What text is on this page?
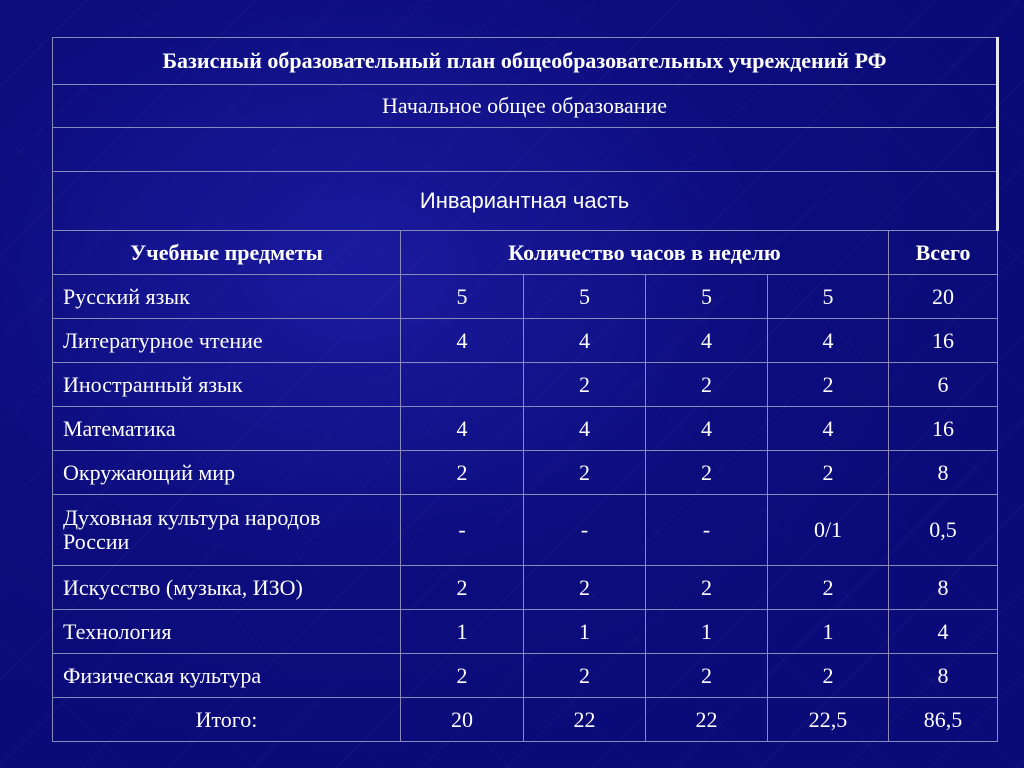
Базисный образовательный план общеобразовательных учреждений РФ					
Начальное общее образование					

Инвариантная часть					
Учебные предметы	Количество часов в неделю				Всего
Русский язык	5	5	5	5	20
Литературное чтение	4	4	4	4	16
Иностранный язык		2	2	2	6
Математика	4	4	4	4	16
Окружающий мир	2	2	2	2	8
Духовная культура народов России	-	-	-	0/1	0,5
Искусство (музыка, ИЗО)	2	2	2	2	8
Технология	1	1	1	1	4
Физическая культура	2	2	2	2	8
Итого:	20	22	22	22,5	86,5
